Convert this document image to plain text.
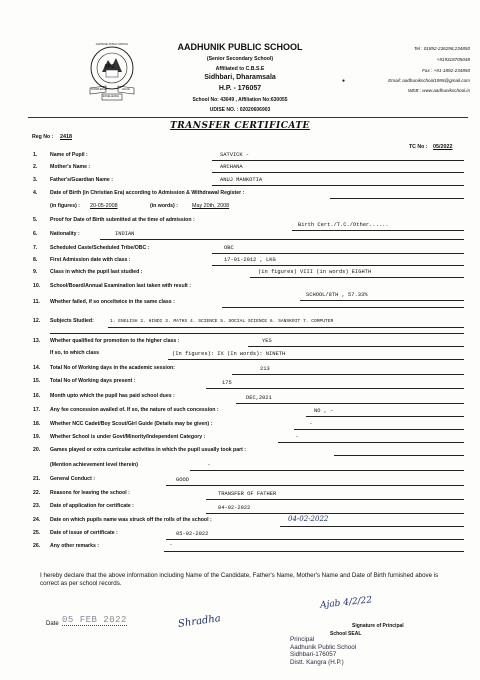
APS
AADHUNIK PUBLIC SCHOOL
KNOWLEDGE	VALUE
EXCELLENCE
AADHUNIK PUBLIC SCHOOL
(Senior Secondary School)
Affiliated to C.B.S.E
Sidhbari, Dharamsala
H.P. - 176057
School No: 43049 , Affiliation No:630055
UDISE NO. : 02020606903
Tel : 01892-236298,234850
+919318705048
Fax : +91-1892-234850
●	Email: aadhunikschool1995@gmail.com
WEB : www.aadhunikschool.in
TRANSFER CERTIFICATE
Reg No : 2418
TC No : 05/2022
1. Name of Pupil :	SATVICK -
2. Mother's Name :	ARCHANA
3. Father's/Guardian Name :	ANUJ MANKOTIA
4. Date of Birth (in Christian Era) according to Admission & Withdrawal Register :
(in figures) : 20-05-2008	(in words) :	May 20th, 2008
5. Proof for Date of Birth submitted at the time of admission :
Birth Cert./T.C./Other......
6. Nationality :	INDIAN
7. Scheduled Caste/Scheduled Tribe/OBC :	OBC
8. First Admission date with class :	17-01-2012 , LKG
9. Class in which the pupil last studied :	(in figures) VIII (in words) EIGHTH
10. School/Board/Annual Examination last taken with result :
SCHOOL/8TH , 57.33%
11. Whether failed, if so once/twice in the same class :
12. Subjects Studied:	1. ENGLISH 2. HINDI 3. MATHS 4. SCIENCE 5. SOCIAL SCIENCE 6. SANSKRIT 7. COMPUTER
13. Whether qualified for promotion to the higher class :	YES
If so, to which class	(In figures): IX (In words): NINETH
14. Total No of Working days in the academic session:	213
15. Total No of Working days present :	175
16. Month upto which the pupil has paid school dues :	DEC,2021
17. Any fee concession availed of. If so, the nature of such concession :	NO , -
18. Whether NCC Cadet/Boy Scout/Girl Guide (Details may be given) :	-
19. Whether School is under Govt/Minority/Independent Category :	-
20. Games played or extra curricular activities in which the pupil usually took part :
(Mention achievement level therein)	-
21. General Conduct :	GOOD
22. Reasons for leaving the school :	TRANSFER OF FATHER
23. Date of application for certificate :	04-02-2022
24. Date on which pupils name was struck off the rolls of the school :	04-02-2022
25. Date of issue of certificate :	05-02-2022
26. Any other remarks :	-
I hereby declare that the above information including Name of the Candidate, Father's Name, Mother's Name and Date of Birth furnished above is correct as per school records.
Ajab 4/2/22
Signature of Principal
School SEAL
Principal
Aadhunik Public School
Sidhbari-176057
Distt. Kangra (H.P.)
Date 05 FEB 2022	Shradha
